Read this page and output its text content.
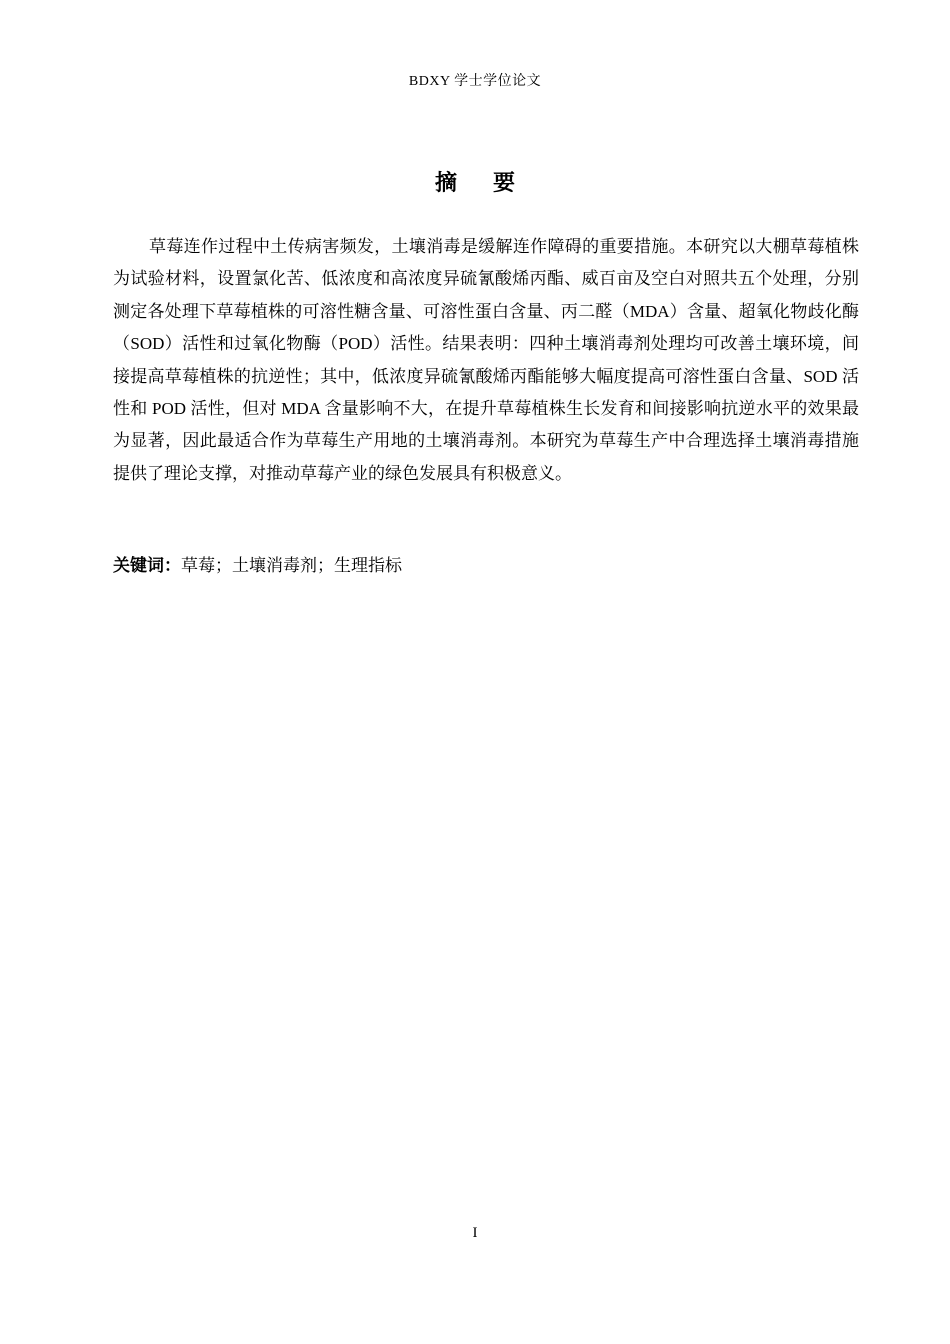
BDXY 学士学位论文
摘 要
草莓连作过程中土传病害频发，土壤消毒是缓解连作障碍的重要措施。本研究以大棚草莓植株为试验材料，设置氯化苦、低浓度和高浓度异硫氰酸烯丙酯、威百亩及空白对照共五个处理，分别测定各处理下草莓植株的可溶性糖含量、可溶性蛋白含量、丙二醛（MDA）含量、超氧化物歧化酶（SOD）活性和过氧化物酶（POD）活性。结果表明：四种土壤消毒剂处理均可改善土壤环境，间接提高草莓植株的抗逆性；其中，低浓度异硫氰酸烯丙酯能够大幅度提高可溶性蛋白含量、SOD 活性和 POD 活性，但对 MDA 含量影响不大，在提升草莓植株生长发育和间接影响抗逆水平的效果最为显著，因此最适合作为草莓生产用地的土壤消毒剂。本研究为草莓生产中合理选择土壤消毒措施提供了理论支撑，对推动草莓产业的绿色发展具有积极意义。
关键词：草莓；土壤消毒剂；生理指标
I
